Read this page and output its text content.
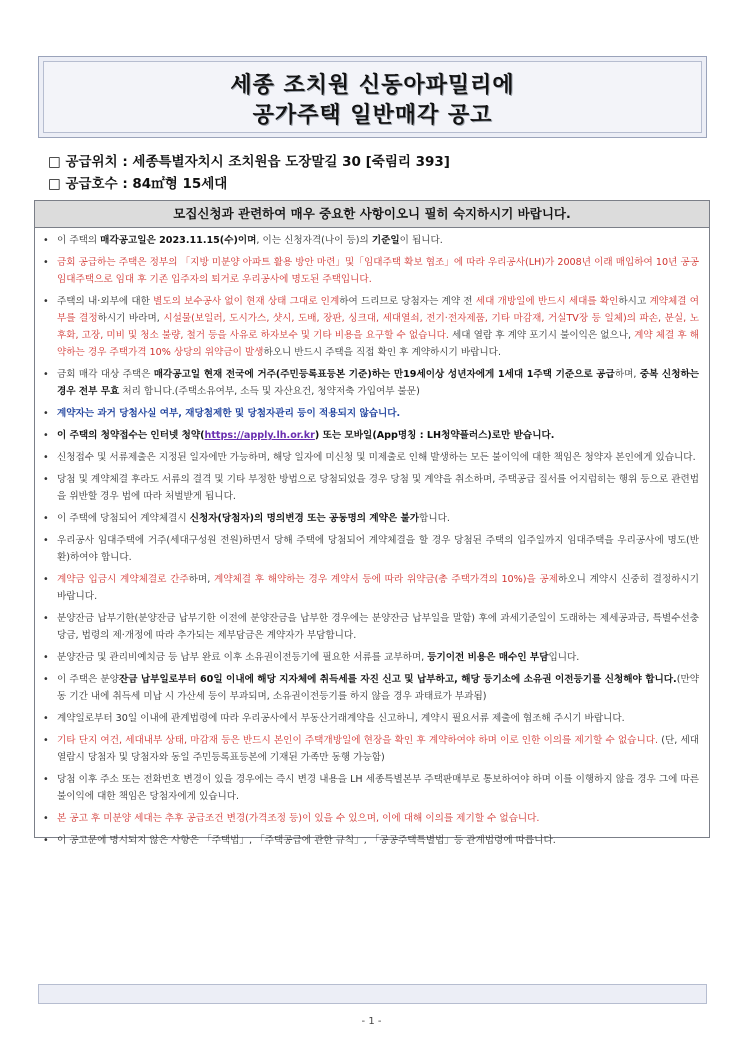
세종 조치원 신동아파밀리에
공가주택 일반매각 공고
□ 공급위치 : 세종특별자치시 조치원읍 도장말길 30 [죽림리 393]
□ 공급호수 : 84㎡형 15세대
모집신청과 관련하여 매우 중요한 사항이오니 필히 숙지하시기 바랍니다.
• 이 주택의 매각공고일은 2023.11.15(수)이며, 이는 신청자격(나이 등)의 기준일이 됩니다.
• 금회 공급하는 주택은 정부의 「지방 미분양 아파트 활용 방안 마련」및「임대주택 확보 협조」에 따라 우리공사(LH)가 2008년 이래 매입하여 10년 공공임대주택으로 임대 후 기존 입주자의 퇴거로 우리공사에 명도된 주택입니다.
• 주택의 내·외부에 대한 별도의 보수공사 없이 현재 상태 그대로 인계하여 드리므로 당첨자는 계약 전 세대 개방일에 반드시 세대를 확인하시고 계약체결 여부를 결정하시기 바라며, 시설물(보일러, 도시가스, 샷시, 도배, 장판, 싱크대, 세대열쇠, 전기·전자제품, 기타 마감재, 거실TV장 등 일체)의 파손, 분실, 노후화, 고장, 미비 및 청소 불량, 철거 등을 사유로 하자보수 및 기타 비용을 요구할 수 없습니다. 세대 열람 후 계약 포기시 불이익은 없으나, 계약 체결 후 해약하는 경우 주택가격 10% 상당의 위약금이 발생하오니 반드시 주택을 직접 확인 후 계약하시기 바랍니다.
• 금회 매각 대상 주택은 매각공고일 현재 전국에 거주(주민등록표등본 기준)하는 만19세이상 성년자에게 1세대 1주택 기준으로 공급하며, 중복 신청하는 경우 전부 무효 처리 합니다.(주택소유여부, 소득 및 자산요건, 청약저축 가입여부 불문)
• 계약자는 과거 당첨사실 여부, 재당첨제한 및 당첨자관리 등이 적용되지 않습니다.
• 이 주택의 청약접수는 인터넷 청약(https://apply.lh.or.kr) 또는 모바일(App명칭 : LH청약플러스)로만 받습니다.
• 신청접수 및 서류제출은 지정된 일자에만 가능하며, 해당 일자에 미신청 및 미제출로 인해 발생하는 모든 불이익에 대한 책임은 청약자 본인에게 있습니다.
• 당첨 및 계약체결 후라도 서류의 결격 및 기타 부정한 방법으로 당첨되었을 경우 당첨 및 계약을 취소하며, 주택공급 질서를 어지럽히는 행위 등으로 관련법을 위반할 경우 법에 따라 처벌받게 됩니다.
• 이 주택에 당첨되어 계약체결시 신청자(당첨자)의 명의변경 또는 공동명의 계약은 불가합니다.
• 우리공사 임대주택에 거주(세대구성원 전원)하면서 당해 주택에 당첨되어 계약체결을 할 경우 당첨된 주택의 입주일까지 임대주택을 우리공사에 명도(반환)하여야 합니다.
• 계약금 입금시 계약체결로 간주하며, 계약체결 후 해약하는 경우 계약서 등에 따라 위약금(총 주택가격의 10%)을 공제하오니 계약시 신중히 결정하시기 바랍니다.
• 분양잔금 납부기한(분양잔금 납부기한 이전에 분양잔금을 납부한 경우에는 분양잔금 납부일을 말함) 후에 과세기준일이 도래하는 제세공과금, 특별수선충당금, 법령의 제·개정에 따라 추가되는 제부담금은 계약자가 부담합니다.
• 분양잔금 및 관리비예치금 등 납부 완료 이후 소유권이전등기에 필요한 서류를 교부하며, 등기이전 비용은 매수인 부담입니다.
• 이 주택은 분양잔금 납부일로부터 60일 이내에 해당 지자체에 취득세를 자진 신고 및 납부하고, 해당 등기소에 소유권 이전등기를 신청해야 합니다.(만약 동 기간 내에 취득세 미납 시 가산세 등이 부과되며, 소유권이전등기를 하지 않을 경우 과태료가 부과됨)
• 계약일로부터 30일 이내에 관계법령에 따라 우리공사에서 부동산거래계약을 신고하니, 계약시 필요서류 제출에 협조해 주시기 바랍니다.
• 기타 단지 여건, 세대내부 상태, 마감재 등은 반드시 본인이 주택개방일에 현장을 확인 후 계약하여야 하며 이로 인한 이의를 제기할 수 없습니다. (단, 세대열람시 당첨자 및 당첨자와 동일 주민등록표등본에 기재된 가족만 동행 가능함)
• 당첨 이후 주소 또는 전화번호 변경이 있을 경우에는 즉시 변경 내용을 LH 세종특별본부 주택판매부로 통보하여야 하며 이를 이행하지 않을 경우 그에 따른 불이익에 대한 책임은 당첨자에게 있습니다.
• 본 공고 후 미분양 세대는 추후 공급조건 변경(가격조정 등)이 있을 수 있으며, 이에 대해 이의를 제기할 수 없습니다.
• 이 공고문에 명시되지 않은 사항은 「주택법」, 「주택공급에 관한 규칙」, 「공공주택특별법」등 관계법령에 따릅니다.
- 1 -
